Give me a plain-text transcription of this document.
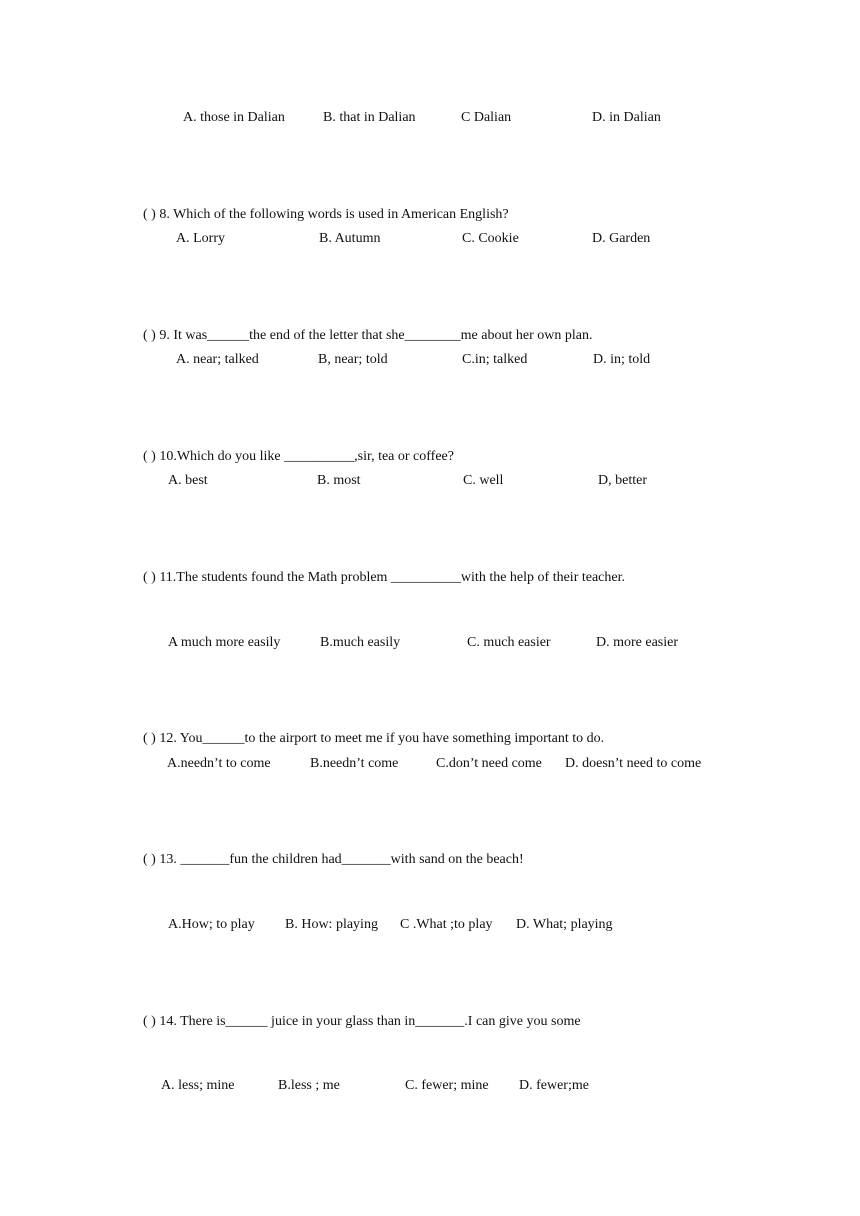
A. those in Dalian	B. that in Dalian	C Dalian	D. in Dalian

( ) 8. Which of the following words is used in American English?

A. Lorry	B. Autumn	C. Cookie	D. Garden

( ) 9. It was______the end of the letter that she________me about her own plan.

A. near; talked	B, near; told	C.in; talked	D. in; told

( ) 10.Which do you like __________,sir, tea or coffee?

A. best	B. most	C. well	D, better

( ) 11.The students found the Math problem __________with the help of their teacher.

A much more easily	B.much easily	C. much easier	D. more easier

( ) 12. You______to the airport to meet me if you have something important to do.

A.needn’t to come	B.needn’t come	C.don’t need come D. doesn’t need to come

( ) 13. _______fun the children had_______with sand on the beach!

A.How; to play B. How: playing C .What ;to play D. What; playing

( ) 14. There is______ juice in your glass than in_______.I can give you some

A. less; mine	B.less ; me	C. fewer; mine D. fewer;me
